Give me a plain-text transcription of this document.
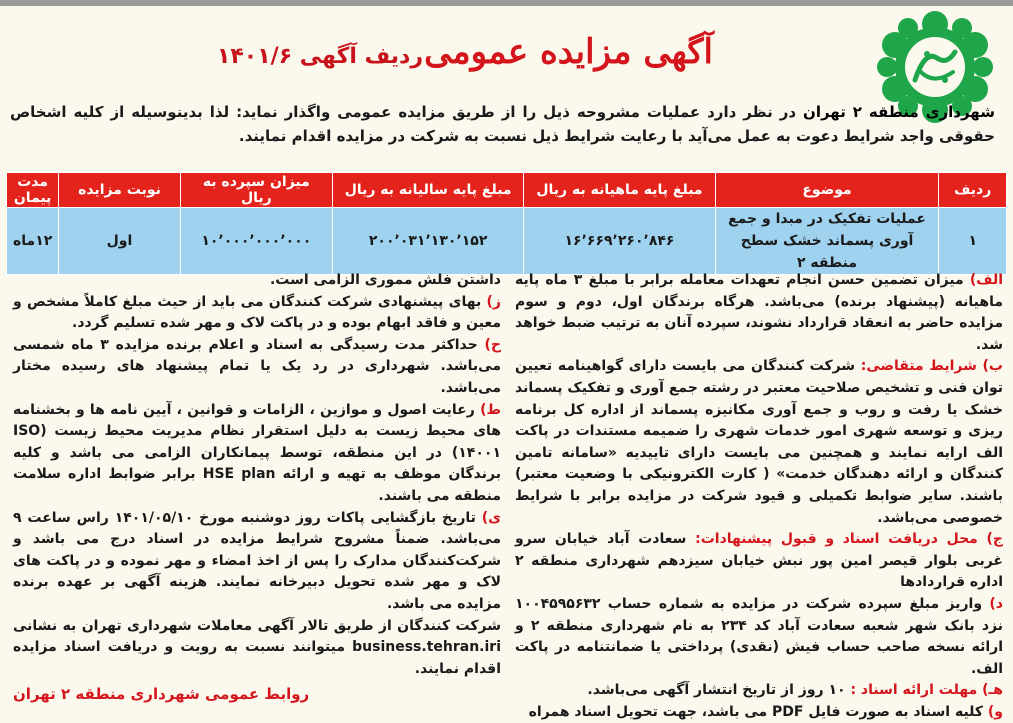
آگهی مزایده عمومی
ردیف آگهی ۱۴۰۱/۶
شهرداری منطقه ۲ تهران در نظر دارد عملیات مشروحه ذیل را از طریق مزایده عمومی واگذار نماید: لذا بدینوسیله از کلیه اشخاص حقوقی واجد شرایط دعوت به عمل می‌آید با رعایت شرایط ذیل نسبت به شرکت در مزایده اقدام نمایند.
ردیف	موضوع	مبلغ پایه ماهیانه به ریال	مبلغ پایه سالیانه به ریال	میزان سپرده به ریال	نوبت مزایده	مدت پیمان
۱	عملیات تفکیک در مبدا و جمع آوری پسماند خشک سطح منطقه ۲	۱۶٬۶۶۹٬۲۶۰٬۸۴۶	۲۰۰٬۰۳۱٬۱۳۰٬۱۵۲	۱۰٬۰۰۰٬۰۰۰٬۰۰۰	اول	۱۲ماه

الف) میزان تضمین حسن انجام تعهدات معامله برابر با مبلغ ۳ ماه پایه ماهیانه (پیشنهاد برنده) می‌باشد. هرگاه برندگان اول، دوم و سوم مزایده حاضر به انعقاد قرارداد نشوند، سپرده آنان به ترتیب ضبط خواهد شد.

ب) شرایط متقاضی: شرکت کنندگان می بایست دارای گواهینامه تعیین توان فنی و تشخیص صلاحیت معتبر در رشته جمع آوری و تفکیک پسماند خشک یا رفت و روب و جمع آوری مکانیزه پسماند از اداره کل برنامه ریزی و توسعه شهری امور خدمات شهری را ضمیمه مستندات در پاکت الف ارایه نمایند و همچنین می بایست دارای تاییدیه «سامانه تامین کنندگان و ارائه دهندگان خدمت» ( کارت الکترونیکی با وضعیت معتبر) باشند. سایر ضوابط تکمیلی و قیود شرکت در مزایده برابر با شرایط خصوصی می‌باشد.

ج) محل دریافت اسناد و قبول پیشنهادات: سعادت آباد خیابان سرو غربی بلوار قیصر امین پور نبش خیابان سیزدهم شهرداری منطقه ۲ اداره قراردادها

د) واریز مبلغ سپرده شرکت در مزایده به شماره حساب ۱۰۰۴۵۹۵۶۳۲ نزد بانک شهر شعبه سعادت آباد کد ۲۳۴ به نام شهرداری منطقه ۲ و ارائه نسخه صاحب حساب فیش (نقدی) پرداختی یا ضمانتنامه در پاکت الف.

هـ) مهلت ارائه اسناد : ۱۰ روز از تاریخ انتشار آگهی می‌باشد.

و) کلیه اسناد به صورت فایل PDF می باشد، جهت تحویل اسناد همراه

داشتن فلش مموری الزامی است.

ز) بهای پیشنهادی شرکت کنندگان می باید از حیث مبلغ کاملاً مشخص و معین و فاقد ابهام بوده و در پاکت لاک و مهر شده تسلیم گردد.

ح) حداکثر مدت رسیدگی به اسناد و اعلام برنده مزایده ۳ ماه شمسی می‌باشد. شهرداری در رد یک یا تمام پیشنهاد های رسیده مختار می‌باشد.

ط) رعایت اصول و موازین ، الزامات و قوانین ، آیین نامه ها و بخشنامه های محیط زیست به دلیل استقرار نظام مدیریت محیط زیست (ISO ۱۴۰۰۱) در این منطقه، توسط پیمانکاران الزامی می باشد و کلیه برندگان موظف به تهیه و ارائه HSE plan برابر ضوابط اداره سلامت منطقه می باشند.

ی) تاریخ بازگشایی پاکات روز دوشنبه مورخ ۱۴۰۱/۰۵/۱۰ راس ساعت ۹ می‌باشد. ضمناً مشروح شرایط مزایده در اسناد درج می باشد و شرکت‌کنندگان مدارک را پس از اخذ امضاء و مهر نموده و در پاکت های لاک و مهر شده تحویل دبیرخانه نمایند. هزینه آگهی بر عهده برنده مزایده می باشد.

شرکت کنندگان از طریق تالار آگهی معاملات شهرداری تهران به نشانی business.tehran.iri میتوانند نسبت به رویت و دریافت اسناد مزایده اقدام نمایند.

روابط عمومی شهرداری منطقه ۲ تهران
